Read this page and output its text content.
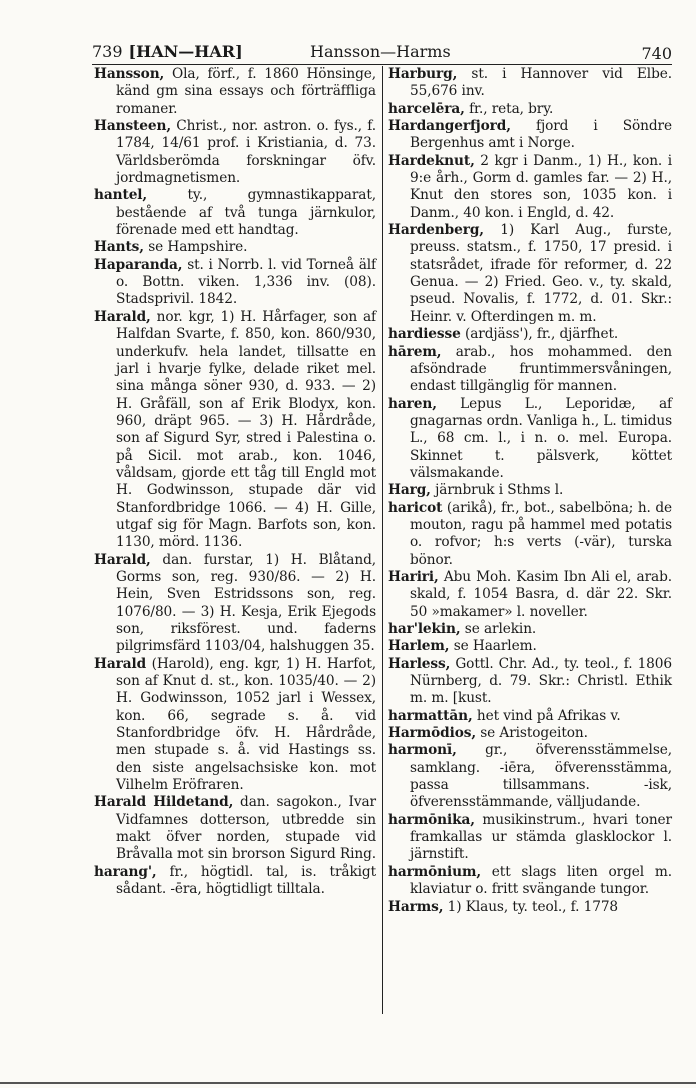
739 [HAN—HAR]	Hansson—Harms	740

Hansson, Ola, förf., f. 1860 Hönsinge, känd gm sina essays och förträffliga romaner.

Hansteen, Christ., nor. astron. o. fys., f. 1784, 14/61 prof. i Kristiania, d. 73. Världsberömda forskningar öfv. jordmagnetismen.

hantel, ty., gymnastikapparat, bestående af två tunga järnkulor, förenade med ett handtag.

Hants, se Hampshire.

Haparanda, st. i Norrb. l. vid Torneå älf o. Bottn. viken. 1,336 inv. (08). Stadsprivil. 1842.

Harald, nor. kgr, 1) H. Hårfager, son af Halfdan Svarte, f. 850, kon. 860/930, underkufv. hela landet, tillsatte en jarl i hvarje fylke, delade riket mel. sina många söner 930, d. 933. — 2) H. Gråfäll, son af Erik Blodyx, kon. 960, dräpt 965. — 3) H. Hårdråde, son af Sigurd Syr, stred i Palestina o. på Sicil. mot arab., kon. 1046, våldsam, gjorde ett tåg till Engld mot H. Godwinsson, stupade där vid Stanfordbridge 1066. — 4) H. Gille, utgaf sig för Magn. Barfots son, kon. 1130, mörd. 1136.

Harald, dan. furstar, 1) H. Blåtand, Gorms son, reg. 930/86. — 2) H. Hein, Sven Estridssons son, reg. 1076/80. — 3) H. Kesja, Erik Ejegods son, riksförest. und. faderns pilgrimsfärd 1103/04, halshuggen 35.

Harald (Harold), eng. kgr, 1) H. Harfot, son af Knut d. st., kon. 1035/40. — 2) H. Godwinsson, 1052 jarl i Wessex, kon. 66, segrade s. å. vid Stanfordbridge öfv. H. Hårdråde, men stupade s. å. vid Hastings ss. den siste angelsachsiske kon. mot Vilhelm Eröfraren.

Harald Hildetand, dan. sagokon., Ivar Vidfamnes dotterson, utbredde sin makt öfver norden, stupade vid Bråvalla mot sin brorson Sigurd Ring.

harang', fr., högtidl. tal, is. tråkigt sådant. -ēra, högtidligt tilltala.

Harburg, st. i Hannover vid Elbe. 55,676 inv.

harcelēra, fr., reta, bry.

Hardangerfjord, fjord i Söndre Bergenhus amt i Norge.

Hardeknut, 2 kgr i Danm., 1) H., kon. i 9:e årh., Gorm d. gamles far. — 2) H., Knut den stores son, 1035 kon. i Danm., 40 kon. i Engld, d. 42.

Hardenberg, 1) Karl Aug., furste, preuss. statsm., f. 1750, 17 presid. i statsrådet, ifrade för reformer, d. 22 Genua. — 2) Fried. Geo. v., ty. skald, pseud. Novalis, f. 1772, d. 01. Skr.: Heinr. v. Ofterdingen m. m.

hardiesse (ardjäss'), fr., djärfhet.

hārem, arab., hos mohammed. den afsöndrade fruntimmersvåningen, endast tillgänglig för mannen.

haren, Lepus L., Leporidæ, af gnagarnas ordn. Vanliga h., L. timidus L., 68 cm. l., i n. o. mel. Europa. Skinnet t. pälsverk, köttet välsmakande.

Harg, järnbruk i Sthms l.

haricot (arikå), fr., bot., sabelböna; h. de mouton, ragu på hammel med potatis o. rofvor; h:s verts (-vär), turska bönor.

Hariri, Abu Moh. Kasim Ibn Ali el, arab. skald, f. 1054 Basra, d. där 22. Skr. 50 »makamer» l. noveller.

har'lekin, se arlekin.

Harlem, se Haarlem.

Harless, Gottl. Chr. Ad., ty. teol., f. 1806 Nürnberg, d. 79. Skr.: Christl. Ethik m. m. [kust.

harmattān, het vind på Afrikas v.

Harmōdios, se Aristogeiton.

harmonī, gr., öfverensstämmelse, samklang. -iēra, öfverensstämma, passa tillsammans. -isk, öfverensstämmande, välljudande.

harmōnika, musikinstrum., hvari toner framkallas ur stämda glasklockor l. järnstift.

harmōnium, ett slags liten orgel m. klaviatur o. fritt svängande tungor.

Harms, 1) Klaus, ty. teol., f. 1778
